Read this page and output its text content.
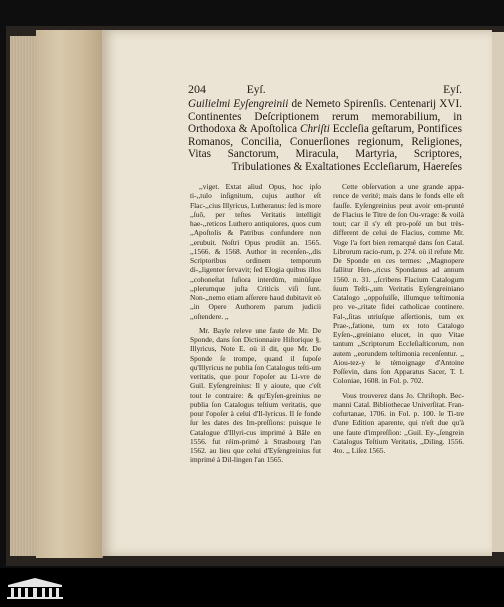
204	Eyſ.	Eyſ.
Guilielmi Eyſengreinii de Nemeto Spirenſis. Centenarij XVI. Continentes Deſcriptionem rerum memorabilium, in Orthodoxa & Apoſtolica Chriſti Eccleſia geſtarum, Pontifices Romanos, Concilia, Conuerſiones regionum, Religiones, Vitas Sanctorum, Miracula, Martyria, Scriptores, Tribulationes & Exaltationes Eccleſiarum, Haereſes

,,viget. Extat aliud Opus, hoc ipſo ti-,,tulo inſignitum, cujus author eſt Flac-,,cius Illyricus, Lutheranus: ſed is more ,,ſuô, per teſtes Veritatis intelligit hae-,,reticos Luthero antiquiores, quos cum ,,Apoſtolis & Patribus confundere non ,,erubuit. Noſtri Opus prodiit an. 1565. ,,1566. & 1568. Author in recenſen-,,dis Scriptoribus ordinem temporum di-,,ligenter ſervavit; ſed Elogia quibus illos ,,cohoneſtat ſuſiora interdùm, minùſque ,,plerumque juſta Criticis viſi ſunt. Non-,,nemo etiam aſſerere haud dubitavit eò ,,in Opere Authorem parum judicii ,,oſtendere. ,,

Mr. Bayle releve une faute de Mr. De Sponde, dans ſon Dictionnaire Hiſtorique §. Illyricus, Note E. où il dit, que Mr. De Sponde ſe trompe, quand il ſupoſe qu'Illyricus ne publia ſon Catalogus teſti-um veritatis, que pour l'opoſer au Li-vre de Guil. Eyſengreinius: Il y aioute, que c'eſt tout le contraire: & qu'Eyſen-greinius ne publia ſon Catalogus teſtium veritatis, que pour l'opoſer à celui d'Il-lyricus. Il ſe fonde ſur les dates des Im-preſſions: puisque le Catalogue d'Illyri-cus imprimé à Bâle en 1556. fut réim-primé à Strasbourg l'an 1562. au lieu que celui d'Eyſengreinius fut imprimé à Dil-lingen l'an 1565.

Cette obſervation a une grande appa-rence de verité; mais dans le fonds elle eſt fauſſe. Eyſengreinius peut avoir em-prunté de Flacius le Titre de ſon Ou-vrage: & voilà tout; car il s'y eſt pro-poſé un but très-different de celui de Flacius, comme Mr. Voge l'a fort bien remarqué dans ſon Catal. Librorum racio-rum, p. 274. où il refute Mr. De Sponde en ces termes: ,,Magnopere fallitur Hen-,,ricus Spondanus ad annum 1560. n. 31. ,,ſcribens Flacium Catalogum ſuum Teſti-,,um Veritatis Eyſengreiniano Catalogo ,,oppoſuiſſe, illumque teſtimonia pro ve-,,ritate fidei catholicae continere. Fal-,,ſitas utriuſque aſſertionis, tum ex Prae-,,fatione, tum ex toto Catalogo Eyſen-,,greiniano elucet, in quo Vitae tantum ,,Scriptorum Eccleſiaſticorum, non autem ,,eorundem teſtimonia recenſentur. ,, Aiou-tez-y le témoignage d'Antoine Poſſevin, dans ſon Apparatus Sacer, T. I. Coloniae, 1608. in Fol. p. 702.

Vous trouverez dans Jo. Chriſtoph. Bec-manni Catal. Bibliothecae Univerſitat. Fran-cofurtanae, 1706. in Fol. p. 100. le Ti-tre d'une Edition aparente, qui n'eſt due qu'à une faute d'impreſſion: ,,Guil. Ey-,,ſengrein Catalogus Teſtium Veritatis, ,,Diling. 1556. 4to. ,, Liſez 1565.
